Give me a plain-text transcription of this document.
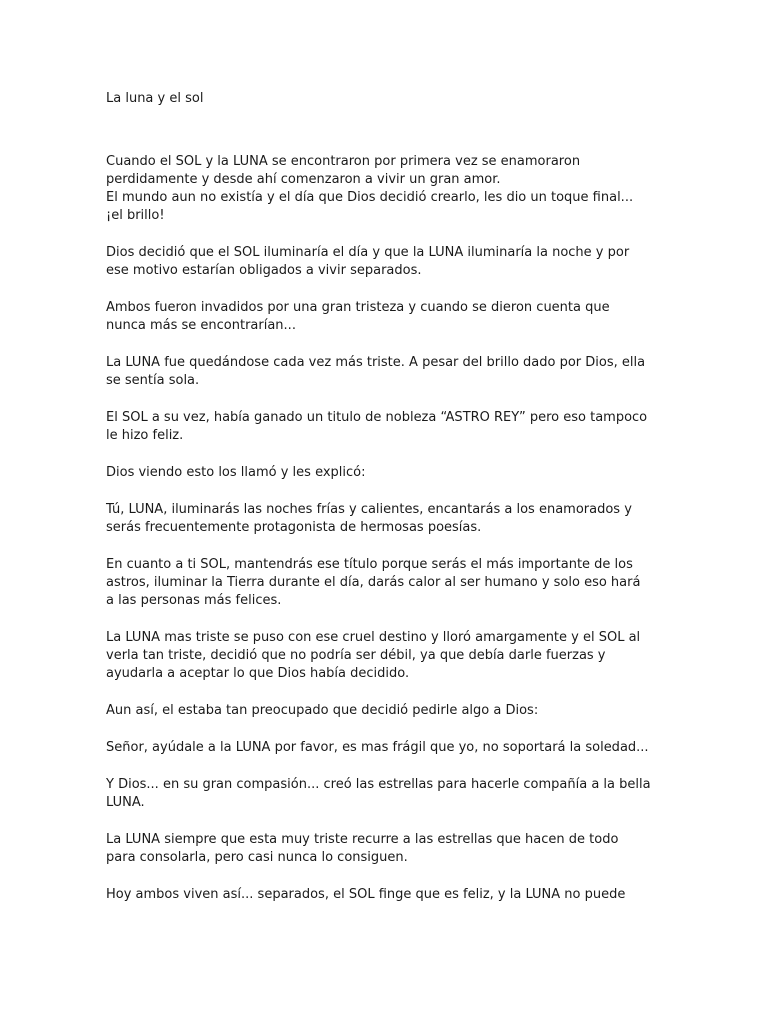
La luna y el sol

Cuando el SOL y la LUNA se encontraron por primera vez se enamoraron
perdidamente y desde ahí comenzaron a vivir un gran amor.
El mundo aun no existía y el día que Dios decidió crearlo, les dio un toque final...
¡el brillo!

Dios decidió que el SOL iluminaría el día y que la LUNA iluminaría la noche y por
ese motivo estarían obligados a vivir separados.

Ambos fueron invadidos por una gran tristeza y cuando se dieron cuenta que
nunca más se encontrarían...

La LUNA fue quedándose cada vez más triste. A pesar del brillo dado por Dios, ella
se sentía sola.

El SOL a su vez, había ganado un titulo de nobleza “ASTRO REY” pero eso tampoco
le hizo feliz.

Dios viendo esto los llamó y les explicó:

Tú, LUNA, iluminarás las noches frías y calientes, encantarás a los enamorados y
serás frecuentemente protagonista de hermosas poesías.

En cuanto a ti SOL, mantendrás ese título porque serás el más importante de los
astros, iluminar la Tierra durante el día, darás calor al ser humano y solo eso hará
a las personas más felices.

La LUNA mas triste se puso con ese cruel destino y lloró amargamente y el SOL al
verla tan triste, decidió que no podría ser débil, ya que debía darle fuerzas y
ayudarla a aceptar lo que Dios había decidido.

Aun así, el estaba tan preocupado que decidió pedirle algo a Dios:

Señor, ayúdale a la LUNA por favor, es mas frágil que yo, no soportará la soledad...

Y Dios... en su gran compasión... creó las estrellas para hacerle compañía a la bella
LUNA.

La LUNA siempre que esta muy triste recurre a las estrellas que hacen de todo
para consolarla, pero casi nunca lo consiguen.

Hoy ambos viven así... separados, el SOL finge que es feliz, y la LUNA no puede
